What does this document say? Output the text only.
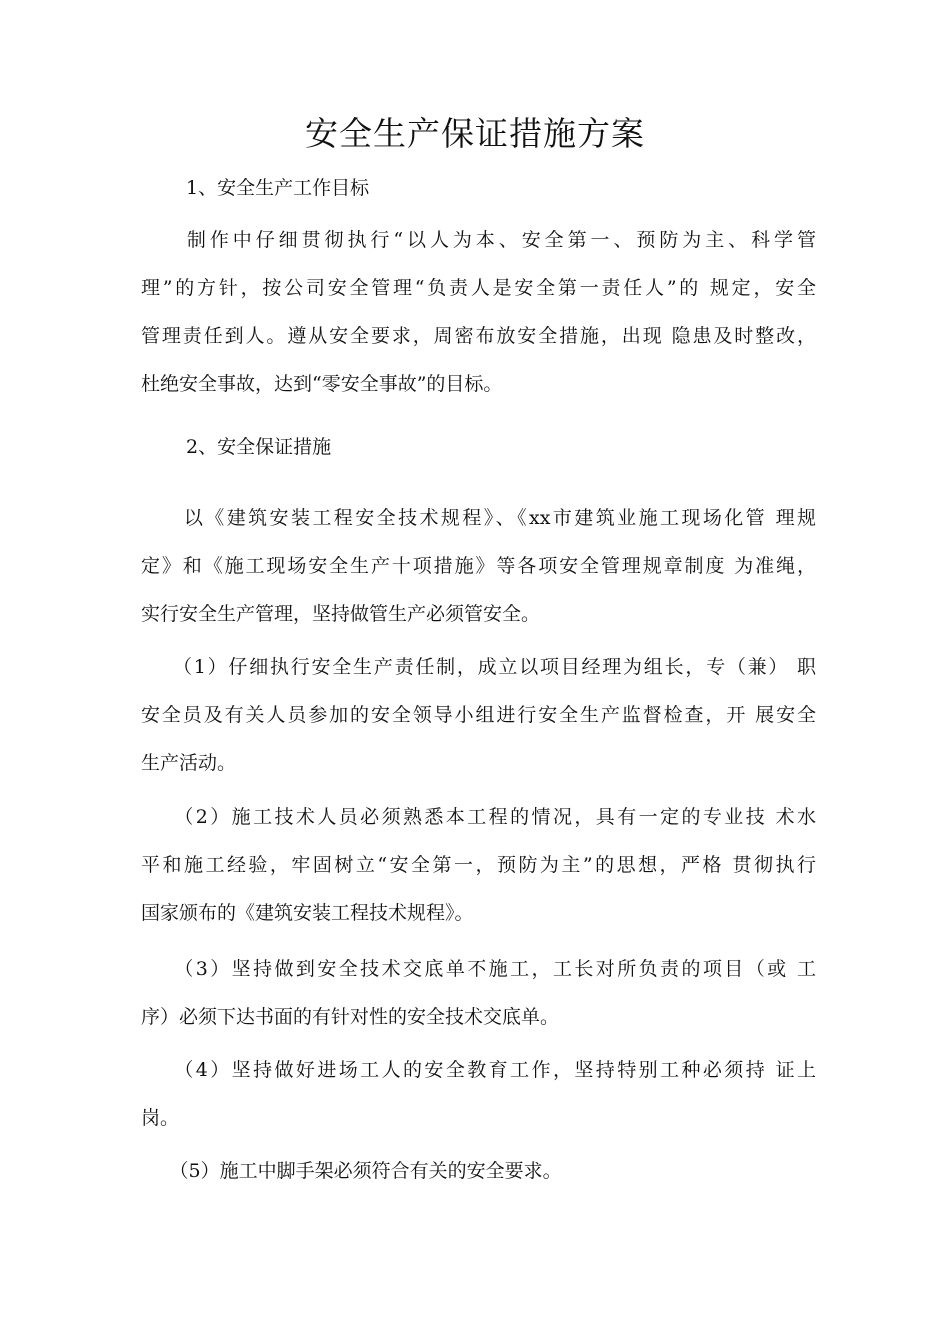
安全生产保证措施方案
1、安全生产工作目标
　　制作中仔细贯彻执行“以人为本、安全第一、预防为主、科学管
理”的方针，按公司安全管理“负责人是安全第一责任人”的 规定，安全
管理责任到人。遵从安全要求，周密布放安全措施，出现 隐患及时整改，
杜绝安全事故，达到“零安全事故”的目标。
2、安全保证措施
　　以《建筑安装工程安全技术规程》、《xx市建筑业施工现场化管 理规
定》和《施工现场安全生产十项措施》等各项安全管理规章制度 为准绳，
实行安全生产管理，坚持做管生产必须管安全。
　　（1）仔细执行安全生产责任制，成立以项目经理为组长，专（兼） 职
安全员及有关人员参加的安全领导小组进行安全生产监督检查，开 展安全
生产活动。
　　（2）施工技术人员必须熟悉本工程的情况，具有一定的专业技 术水
平和施工经验，牢固树立“安全第一，预防为主”的思想，严格 贯彻执行
国家颁布的《建筑安装工程技术规程》。
　　（3）坚持做到安全技术交底单不施工，工长对所负责的项目（或 工
序）必须下达书面的有针对性的安全技术交底单。
　　（4）坚持做好进场工人的安全教育工作，坚持特别工种必须持 证上
岗。
　　（5）施工中脚手架必须符合有关的安全要求。
